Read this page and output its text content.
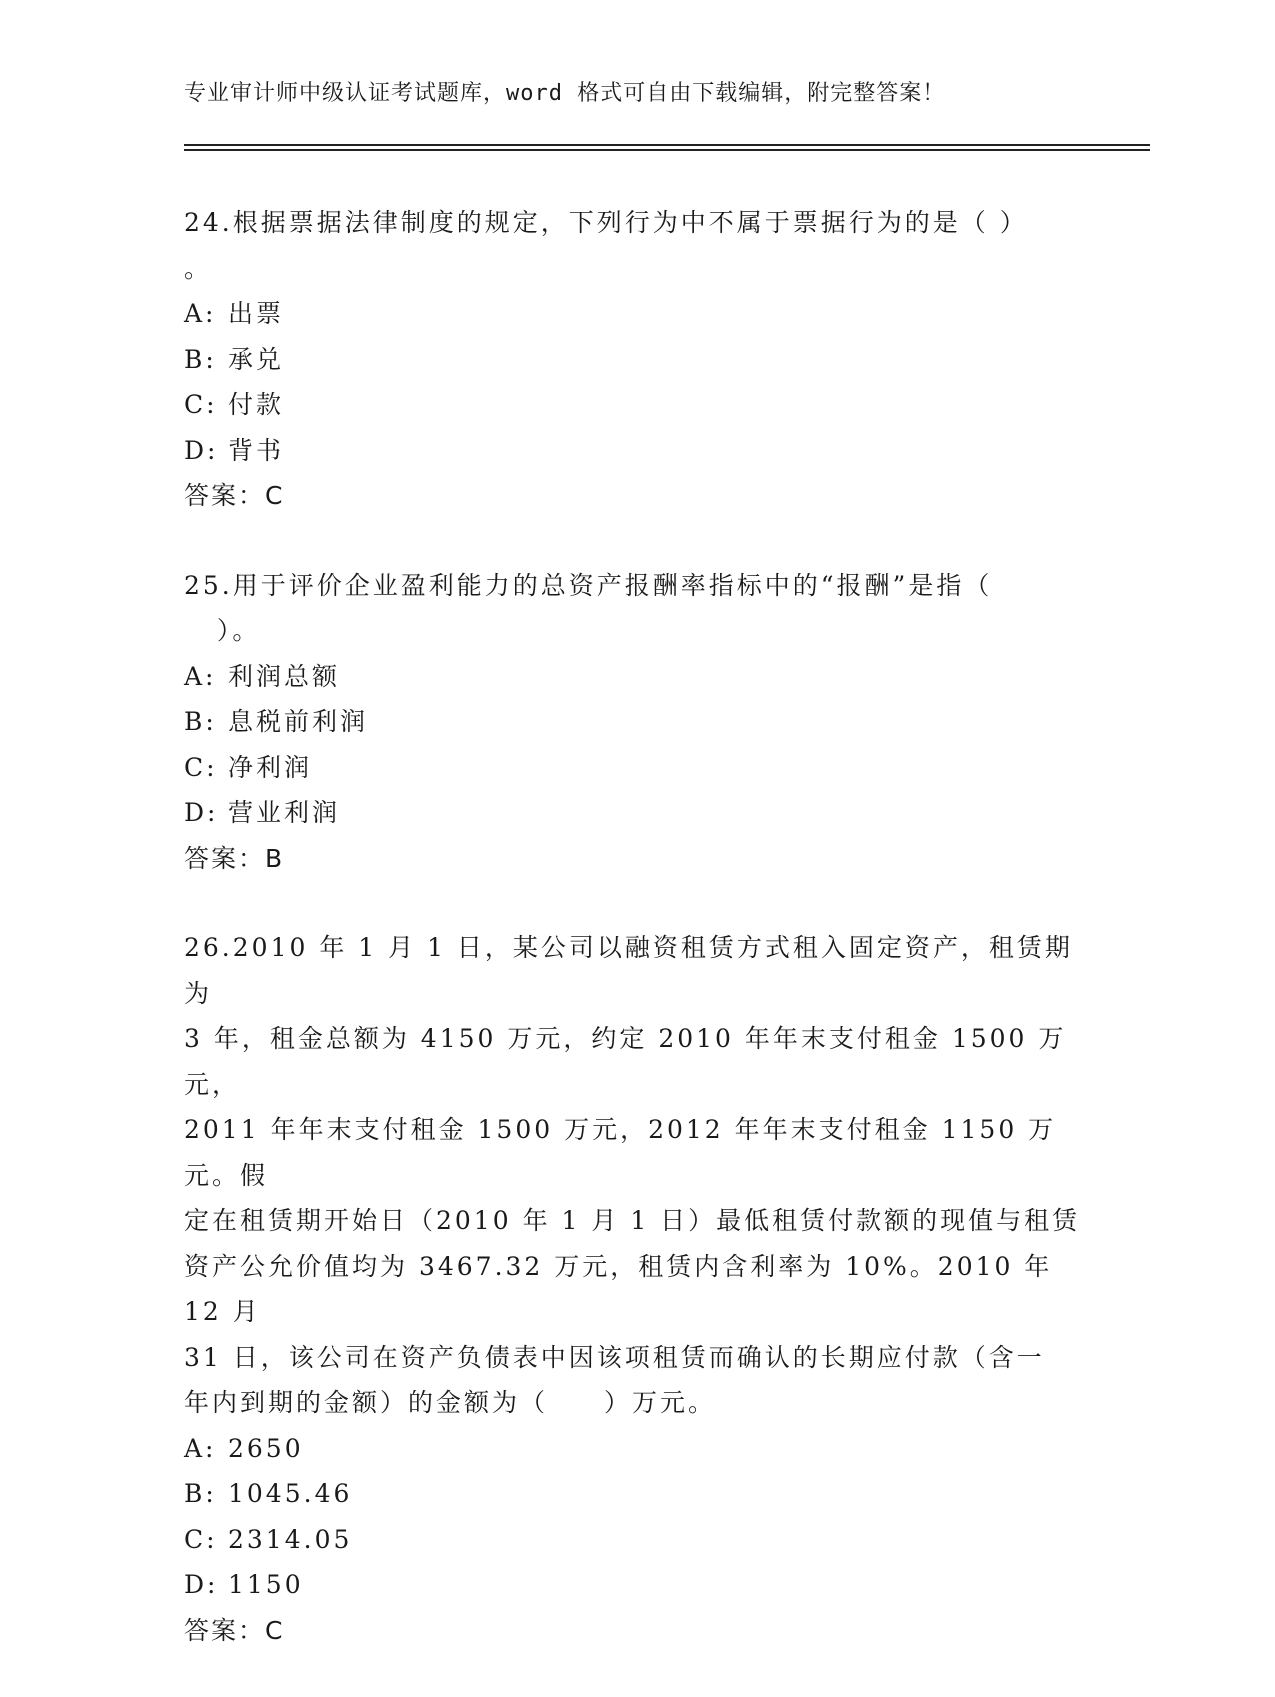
专业审计师中级认证考试题库，word 格式可自由下载编辑，附完整答案！

24.根据票据法律制度的规定，下列行为中不属于票据行为的是（ ）

。

A: 出票

B: 承兑

C: 付款

D: 背书

答案：C

25.用于评价企业盈利能力的总资产报酬率指标中的“报酬”是指（

）。

A: 利润总额

B: 息税前利润

C: 净利润

D: 营业利润

答案：B

26.2010 年 1 月 1 日，某公司以融资租赁方式租入固定资产，租赁期为

3 年，租金总额为 4150 万元，约定 2010 年年末支付租金 1500 万元，

2011 年年末支付租金 1500 万元，2012 年年末支付租金 1150 万元。假

定在租赁期开始日（2010 年 1 月 1 日）最低租赁付款额的现值与租赁

资产公允价值均为 3467.32 万元，租赁内含利率为 10%。2010 年 12 月

31 日，该公司在资产负债表中因该项租赁而确认的长期应付款（含一

年内到期的金额）的金额为（　　）万元。

A: 2650

B: 1045.46

C: 2314.05

D: 1150

答案：C
